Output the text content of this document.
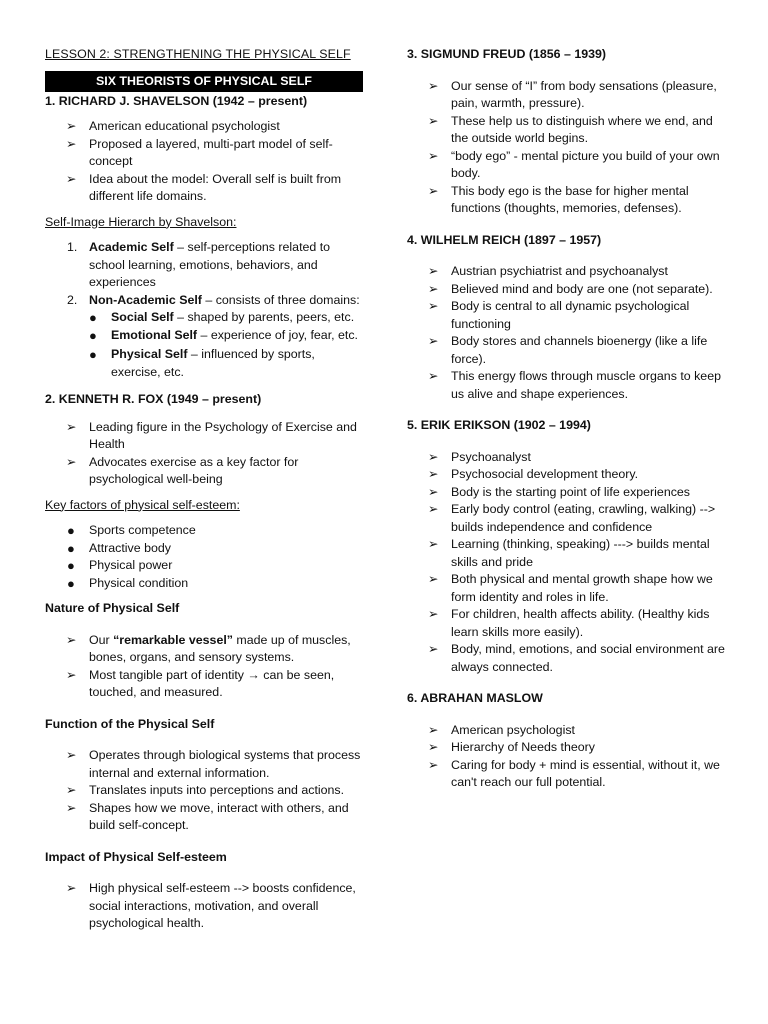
LESSON 2: STRENGTHENING THE PHYSICAL SELF

SIX THEORISTS OF PHYSICAL SELF

1. RICHARD J. SHAVELSON (1942 – present)

➢	American educational psychologist
➢	Proposed a layered, multi-part model of self-concept
➢	Idea about the model: Overall self is built from different life domains.

Self-Image Hierarch by Shavelson:

1. Academic Self – self-perceptions related to school learning, emotions, behaviors, and experiences
2. Non-Academic Self – consists of three domains:
● Social Self – shaped by parents, peers, etc.
● Emotional Self – experience of joy, fear, etc.
● Physical Self – influenced by sports, exercise, etc.

2. KENNETH R. FOX (1949 – present)

➢	Leading figure in the Psychology of Exercise and Health
➢	Advocates exercise as a key factor for psychological well-being

Key factors of physical self-esteem:

● Sports competence
● Attractive body
● Physical power
● Physical condition

Nature of Physical Self

➢	Our “remarkable vessel” made up of muscles, bones, organs, and sensory systems.
➢	Most tangible part of identity → can be seen, touched, and measured.

Function of the Physical Self

➢	Operates through biological systems that process internal and external information.
➢	Translates inputs into perceptions and actions.
➢	Shapes how we move, interact with others, and build self-concept.

Impact of Physical Self-esteem

➢	High physical self-esteem --> boosts confidence, social interactions, motivation, and overall psychological health.

3. SIGMUND FREUD (1856 – 1939)

➢	Our sense of “I” from body sensations (pleasure, pain, warmth, pressure).
➢	These help us to distinguish where we end, and the outside world begins.
➢	“body ego” - mental picture you build of your own body.
➢	This body ego is the base for higher mental functions (thoughts, memories, defenses).

4. WILHELM REICH (1897 – 1957)

➢	Austrian psychiatrist and psychoanalyst
➢	Believed mind and body are one (not separate).
➢	Body is central to all dynamic psychological functioning
➢	Body stores and channels bioenergy (like a life force).
➢	This energy flows through muscle organs to keep us alive and shape experiences.

5. ERIK ERIKSON (1902 – 1994)

➢	Psychoanalyst
➢	Psychosocial development theory.
➢	Body is the starting point of life experiences
➢	Early body control (eating, crawling, walking) --> builds independence and confidence
➢	Learning (thinking, speaking) ---> builds mental skills and pride
➢	Both physical and mental growth shape how we form identity and roles in life.
➢	For children, health affects ability. (Healthy kids learn skills more easily).
➢	Body, mind, emotions, and social environment are always connected.

6. ABRAHAN MASLOW

➢	American psychologist
➢	Hierarchy of Needs theory
➢	Caring for body + mind is essential, without it, we can't reach our full potential.
